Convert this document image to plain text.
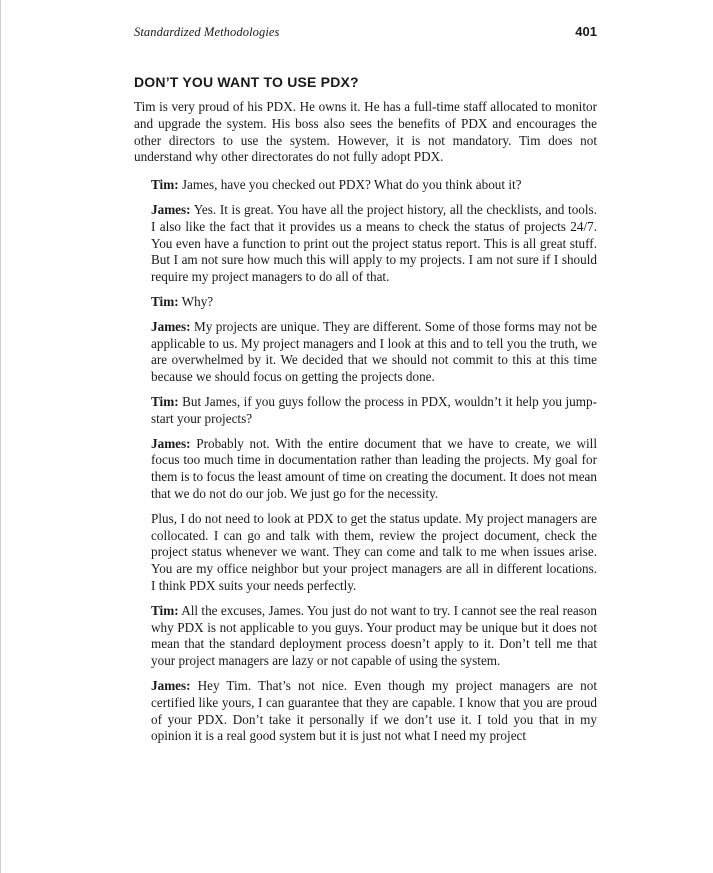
Standardized Methodologies	401
DON’T YOU WANT TO USE PDX?

Tim is very proud of his PDX. He owns it. He has a full-time staff allocated to monitor and upgrade the system. His boss also sees the benefits of PDX and encourages the other directors to use the system. However, it is not mandatory. Tim does not understand why other directorates do not fully adopt PDX.

Tim: James, have you checked out PDX? What do you think about it?

James: Yes. It is great. You have all the project history, all the checklists, and tools. I also like the fact that it provides us a means to check the status of projects 24/7. You even have a function to print out the project status report. This is all great stuff. But I am not sure how much this will apply to my projects. I am not sure if I should require my project managers to do all of that.

Tim: Why?

James: My projects are unique. They are different. Some of those forms may not be applicable to us. My project managers and I look at this and to tell you the truth, we are overwhelmed by it. We decided that we should not commit to this at this time because we should focus on getting the projects done.

Tim: But James, if you guys follow the process in PDX, wouldn’t it help you jump-start your projects?

James: Probably not. With the entire document that we have to create, we will focus too much time in documentation rather than leading the projects. My goal for them is to focus the least amount of time on creating the document. It does not mean that we do not do our job. We just go for the necessity.

Plus, I do not need to look at PDX to get the status update. My project managers are collocated. I can go and talk with them, review the project document, check the project status whenever we want. They can come and talk to me when issues arise. You are my office neighbor but your project managers are all in different locations. I think PDX suits your needs perfectly.

Tim: All the excuses, James. You just do not want to try. I cannot see the real reason why PDX is not applicable to you guys. Your product may be unique but it does not mean that the standard deployment process doesn’t apply to it. Don’t tell me that your project managers are lazy or not capable of using the system.

James: Hey Tim. That’s not nice. Even though my project managers are not certified like yours, I can guarantee that they are capable. I know that you are proud of your PDX. Don’t take it personally if we don’t use it. I told you that in my opinion it is a real good system but it is just not what I need my project
